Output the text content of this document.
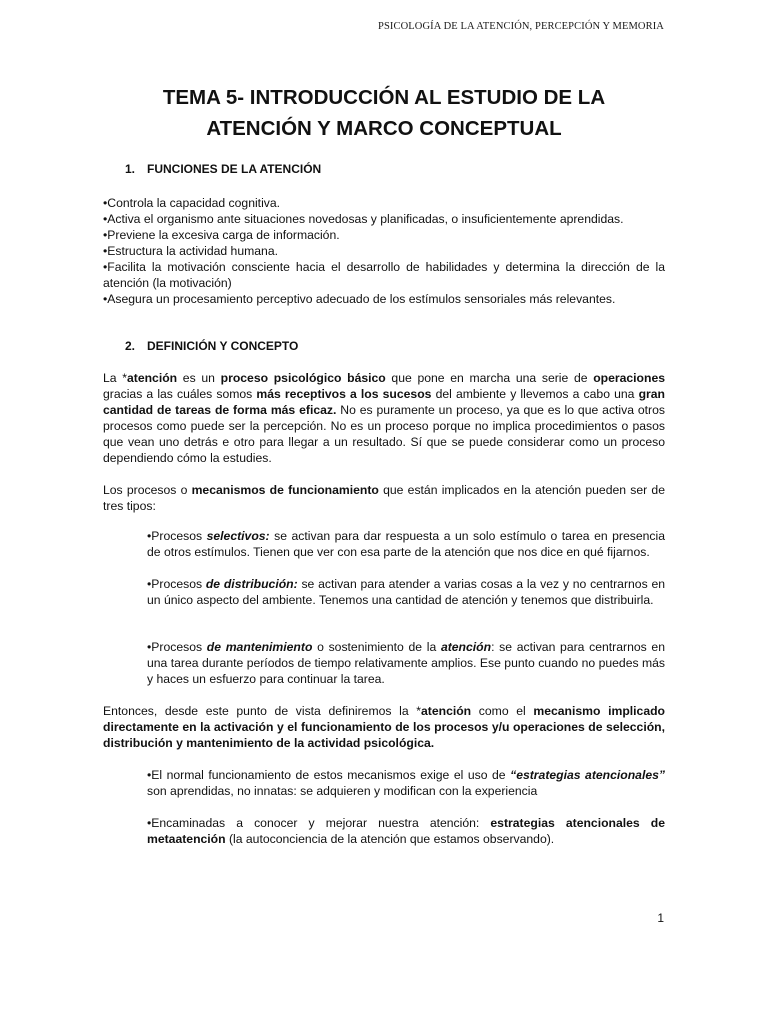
PSICOLOGÍA DE LA ATENCIÓN, PERCEPCIÓN Y MEMORIA
TEMA 5- INTRODUCCIÓN AL ESTUDIO DE LA
ATENCIÓN Y MARCO CONCEPTUAL
1. FUNCIONES DE LA ATENCIÓN
•Controla la capacidad cognitiva.
•Activa el organismo ante situaciones novedosas y planificadas, o insuficientemente aprendidas.
•Previene la excesiva carga de información.
•Estructura la actividad humana.
•Facilita la motivación consciente hacia el desarrollo de habilidades y determina la dirección de la atención (la motivación)
•Asegura un procesamiento perceptivo adecuado de los estímulos sensoriales más relevantes.
2. DEFINICIÓN Y CONCEPTO

La *atención es un proceso psicológico básico que pone en marcha una serie de operaciones gracias a las cuáles somos más receptivos a los sucesos del ambiente y llevemos a cabo una gran cantidad de tareas de forma más eficaz. No es puramente un proceso, ya que es lo que activa otros procesos como puede ser la percepción. No es un proceso porque no implica procedimientos o pasos que vean uno detrás e otro para llegar a un resultado. Sí que se puede considerar como un proceso dependiendo cómo la estudies.

Los procesos o mecanismos de funcionamiento que están implicados en la atención pueden ser de tres tipos:

•Procesos selectivos: se activan para dar respuesta a un solo estímulo o tarea en presencia de otros estímulos. Tienen que ver con esa parte de la atención que nos dice en qué fijarnos.
•Procesos de distribución: se activan para atender a varias cosas a la vez y no centrarnos en un único aspecto del ambiente. Tenemos una cantidad de atención y tenemos que distribuirla.
•Procesos de mantenimiento o sostenimiento de la atención: se activan para centrarnos en una tarea durante períodos de tiempo relativamente amplios. Ese punto cuando no puedes más y haces un esfuerzo para continuar la tarea.

Entonces, desde este punto de vista definiremos la *atención como el mecanismo implicado directamente en la activación y el funcionamiento de los procesos y/u operaciones de selección, distribución y mantenimiento de la actividad psicológica.

•El normal funcionamiento de estos mecanismos exige el uso de “estrategias atencionales” son aprendidas, no innatas: se adquieren y modifican con la experiencia
•Encaminadas a conocer y mejorar nuestra atención: estrategias atencionales de metaatención (la autoconciencia de la atención que estamos observando).
1
